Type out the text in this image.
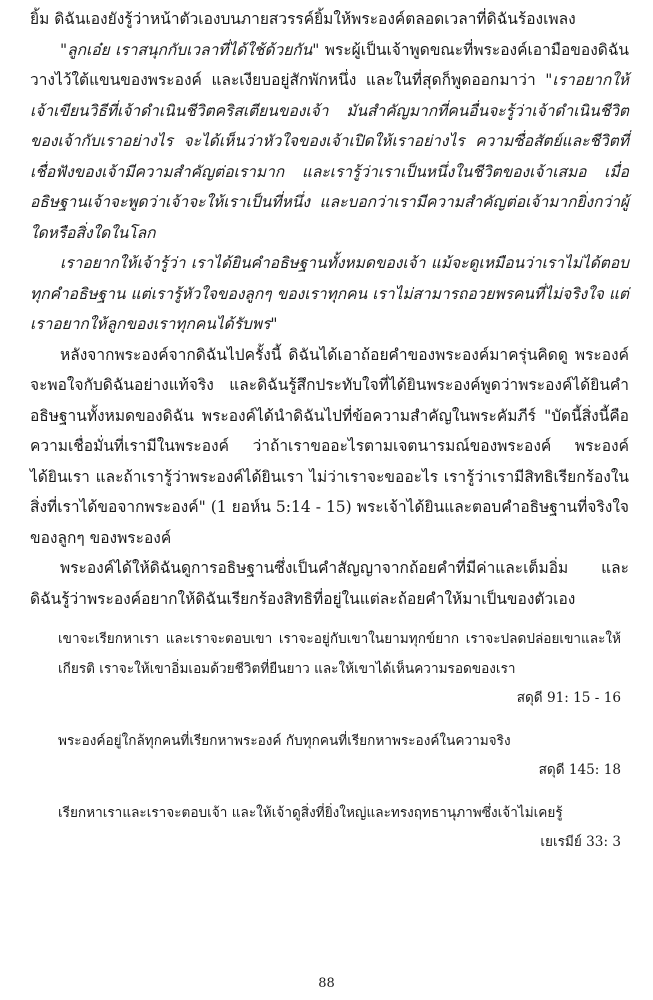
ยิ้ม ดิฉันเองยังรู้ว่าหน้าตัวเองบนภายสวรรค์ยิ้มให้พระองค์ตลอดเวลาที่ดิฉันร้องเพลง

"ลูกเอ๋ย เราสนุกกับเวลาที่ได้ใช้ด้วยกัน" พระผู้เป็นเจ้าพูดขณะที่พระองค์เอามือของดิฉันวางไว้ใต้แขนของพระองค์ และเงียบอยู่สักพักหนึ่ง และในที่สุดก็พูดออกมาว่า "เราอยากให้เจ้าเขียนวิธีที่เจ้าดำเนินชีวิตคริสเตียนของเจ้า มันสำคัญมากที่คนอื่นจะรู้ว่าเจ้าดำเนินชีวิตของเจ้ากับเราอย่างไร จะได้เห็นว่าหัวใจของเจ้าเปิดให้เราอย่างไร ความซื่อสัตย์และชีวิตที่เชื่อฟังของเจ้ามีความสำคัญต่อเรามาก และเรารู้ว่าเราเป็นหนึ่งในชีวิตของเจ้าเสมอ เมื่ออธิษฐานเจ้าจะพูดว่าเจ้าจะให้เราเป็นที่หนึ่ง และบอกว่าเรามีความสำคัญต่อเจ้ามากยิ่งกว่าผู้ใดหรือสิ่งใดในโลก

เราอยากให้เจ้ารู้ว่า เราได้ยินคำอธิษฐานทั้งหมดของเจ้า แม้จะดูเหมือนว่าเราไม่ได้ตอบทุกคำอธิษฐาน แต่เรารู้หัวใจของลูกๆ ของเราทุกคน เราไม่สามารถอวยพรคนที่ไม่จริงใจ แต่เราอยากให้ลูกของเราทุกคนได้รับพร"

หลังจากพระองค์จากดิฉันไปครั้งนี้ ดิฉันได้เอาถ้อยคำของพระองค์มาครุ่นคิดดู พระองค์จะพอใจกับดิฉันอย่างแท้จริง และดิฉันรู้สึกประทับใจที่ได้ยินพระองค์พูดว่าพระองค์ได้ยินคำอธิษฐานทั้งหมดของดิฉัน พระองค์ได้นำดิฉันไปที่ข้อความสำคัญในพระคัมภีร์ "บัดนี้สิ่งนี้คือความเชื่อมั่นที่เรามีในพระองค์ ว่าถ้าเราขออะไรตามเจตนารมณ์ของพระองค์ พระองค์ได้ยินเรา และถ้าเรารู้ว่าพระองค์ได้ยินเรา ไม่ว่าเราจะขออะไร เรารู้ว่าเรามีสิทธิเรียกร้องในสิ่งที่เราได้ขอจากพระองค์" (1 ยอห์น 5:14 - 15) พระเจ้าได้ยินและตอบคำอธิษฐานที่จริงใจของลูกๆ ของพระองค์

พระองค์ได้ให้ดิฉันดูการอธิษฐานซึ่งเป็นคำสัญญาจากถ้อยคำที่มีค่าและเต็มอิ่ม และดิฉันรู้ว่าพระองค์อยากให้ดิฉันเรียกร้องสิทธิที่อยู่ในแต่ละถ้อยคำให้มาเป็นของตัวเอง

เขาจะเรียกหาเรา และเราจะตอบเขา เราจะอยู่กับเขาในยามทุกข์ยาก เราจะปลดปล่อยเขาและให้เกียรติ เราจะให้เขาอิ่มเอมด้วยชีวิตที่ยืนยาว และให้เขาได้เห็นความรอดของเรา

สดุดี 91: 15 - 16

พระองค์อยู่ใกล้ทุกคนที่เรียกหาพระองค์ กับทุกคนที่เรียกหาพระองค์ในความจริง

สดุดี 145: 18

เรียกหาเราและเราจะตอบเจ้า และให้เจ้าดูสิ่งที่ยิ่งใหญ่และทรงฤทธานุภาพซึ่งเจ้าไม่เคยรู้

เยเรมีย์ 33: 3

88
